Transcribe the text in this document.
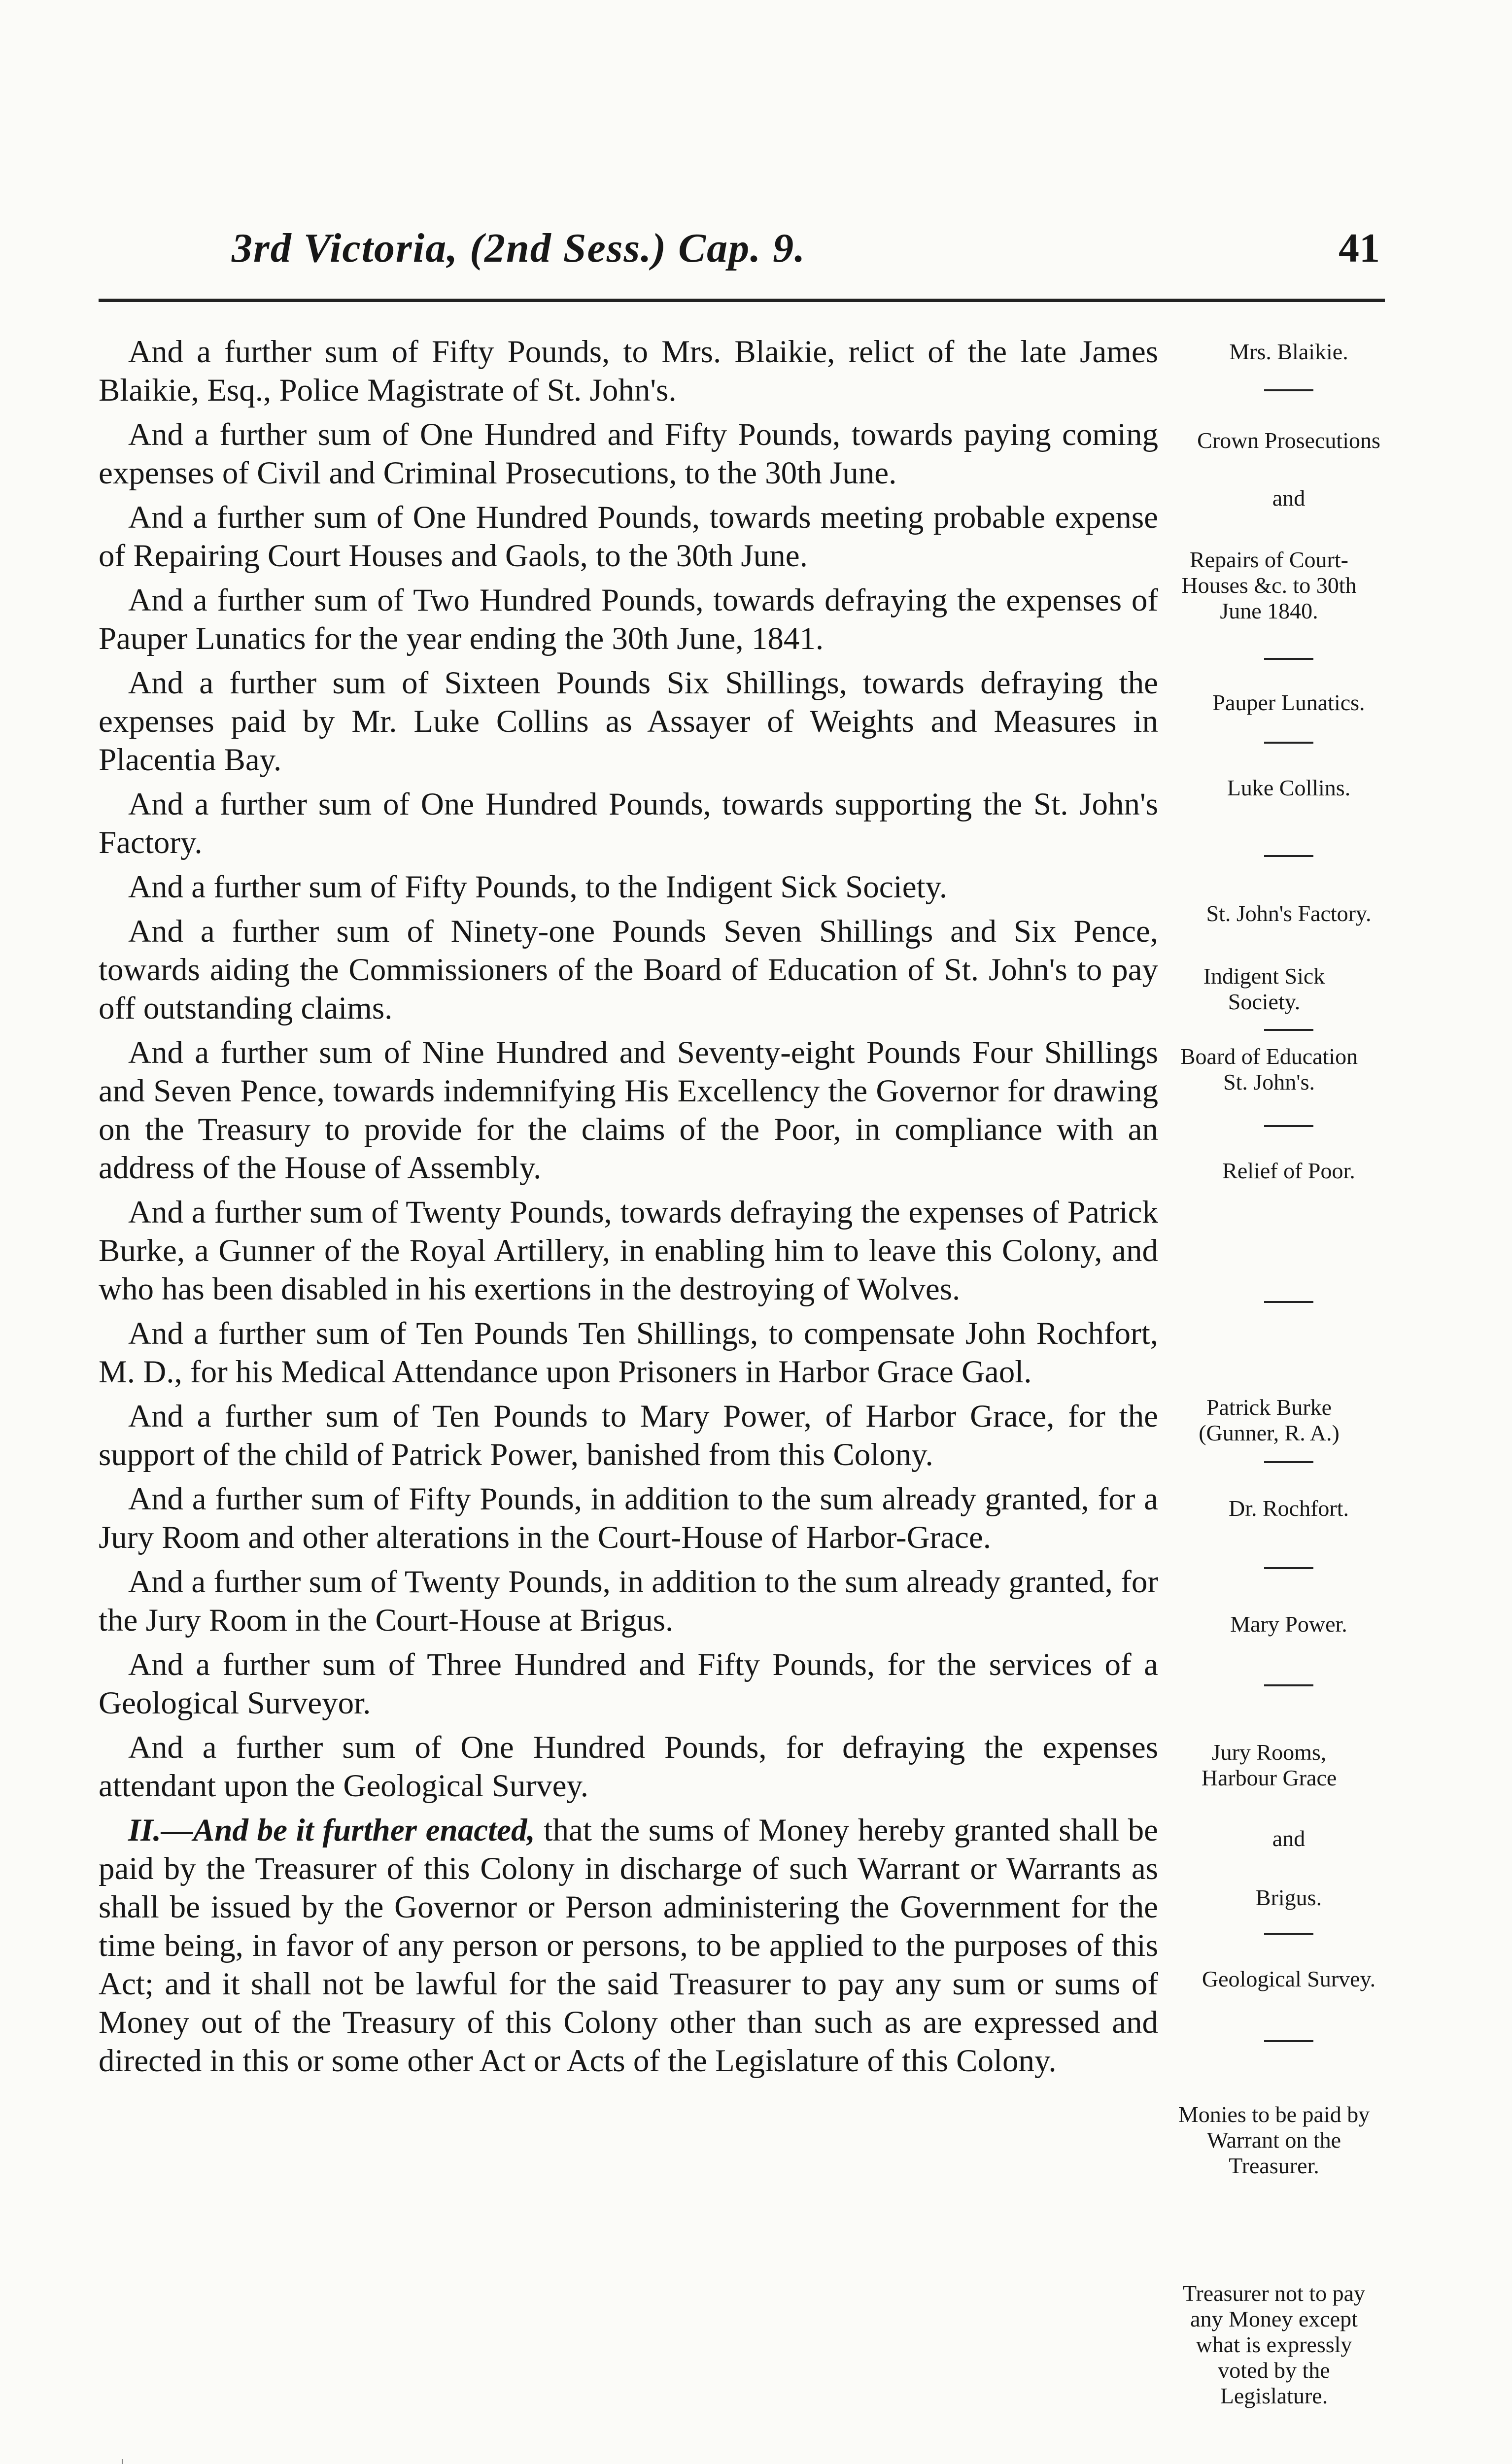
3rd Victoria, (2nd Sess.) Cap. 9.	41

And a further sum of Fifty Pounds, to Mrs. Blaikie, relict of the late James Blaikie, Esq., Police Magistrate of St. John's.

And a further sum of One Hundred and Fifty Pounds, towards paying coming expenses of Civil and Criminal Prosecutions, to the 30th June.

And a further sum of One Hundred Pounds, towards meeting probable expense of Repairing Court Houses and Gaols, to the 30th June.

And a further sum of Two Hundred Pounds, towards defraying the expenses of Pauper Lunatics for the year ending the 30th June, 1841.

And a further sum of Sixteen Pounds Six Shillings, towards defraying the expenses paid by Mr. Luke Collins as Assayer of Weights and Measures in Placentia Bay.

And a further sum of One Hundred Pounds, towards supporting the St. John's Factory.

And a further sum of Fifty Pounds, to the Indigent Sick Society.

And a further sum of Ninety-one Pounds Seven Shillings and Six Pence, towards aiding the Commissioners of the Board of Education of St. John's to pay off outstanding claims.

And a further sum of Nine Hundred and Seventy-eight Pounds Four Shillings and Seven Pence, towards indemnifying His Excellency the Governor for drawing on the Treasury to provide for the claims of the Poor, in compliance with an address of the House of Assembly.

And a further sum of Twenty Pounds, towards defraying the expenses of Patrick Burke, a Gunner of the Royal Artillery, in enabling him to leave this Colony, and who has been disabled in his exertions in the destroying of Wolves.

And a further sum of Ten Pounds Ten Shillings, to compensate John Rochfort, M. D., for his Medical Attendance upon Prisoners in Harbor Grace Gaol.

And a further sum of Ten Pounds to Mary Power, of Harbor Grace, for the support of the child of Patrick Power, banished from this Colony.

And a further sum of Fifty Pounds, in addition to the sum already granted, for a Jury Room and other alterations in the Court-House of Harbor-Grace.

And a further sum of Twenty Pounds, in addition to the sum already granted, for the Jury Room in the Court-House at Brigus.

And a further sum of Three Hundred and Fifty Pounds, for the services of a Geological Surveyor.

And a further sum of One Hundred Pounds, for defraying the expenses attendant upon the Geological Survey.

II.—And be it further enacted, that the sums of Money hereby granted shall be paid by the Treasurer of this Colony in discharge of such Warrant or Warrants as shall be issued by the Governor or Person administering the Government for the time being, in favor of any person or persons, to be applied to the purposes of this Act; and it shall not be lawful for the said Treasurer to pay any sum or sums of Money out of the Treasury of this Colony other than such as are expressed and directed in this or some other Act or Acts of the Legislature of this Colony.

Mrs. Blaikie.
Crown Prosecutions
and
Repairs of Court-Houses &c. to 30th June 1840.
Pauper Lunatics.
Luke Collins.
St. John's Factory.
Indigent Sick Society.
Board of Education St. John's.
Relief of Poor.
Patrick Burke (Gunner, R. A.)
Dr. Rochfort.
Mary Power.
Jury Rooms, Harbour Grace
and
Brigus.
Geological Survey.
Monies to be paid by Warrant on the Treasurer.
Treasurer not to pay any Money except what is expressly voted by the Legislature.
